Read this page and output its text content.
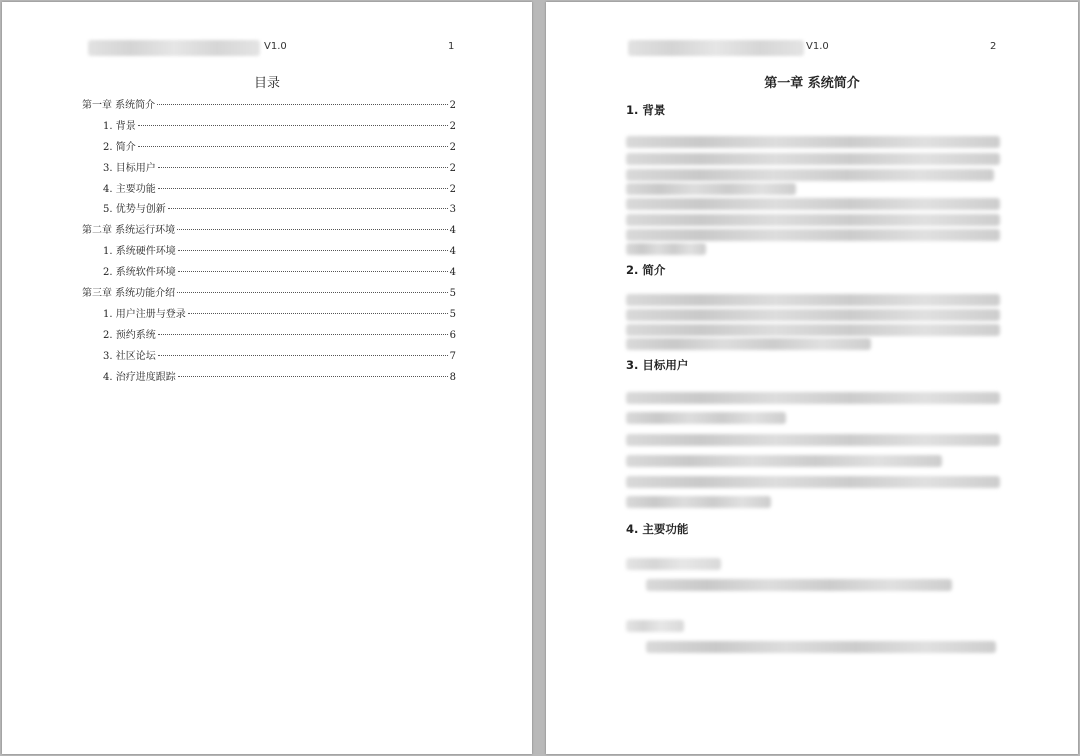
V1.0	1
目录
第一章 系统简介	2
1. 背景	2
2. 简介	2
3. 目标用户	2
4. 主要功能	2
5. 优势与创新	3
第二章 系统运行环境	4
1. 系统硬件环境	4
2. 系统软件环境	4
第三章 系统功能介绍	5
1. 用户注册与登录	5
2. 预约系统	6
3. 社区论坛	7
4. 治疗进度跟踪	8
V1.0	2
第一章 系统简介
1. 背景
2. 简介
3. 目标用户
4. 主要功能
